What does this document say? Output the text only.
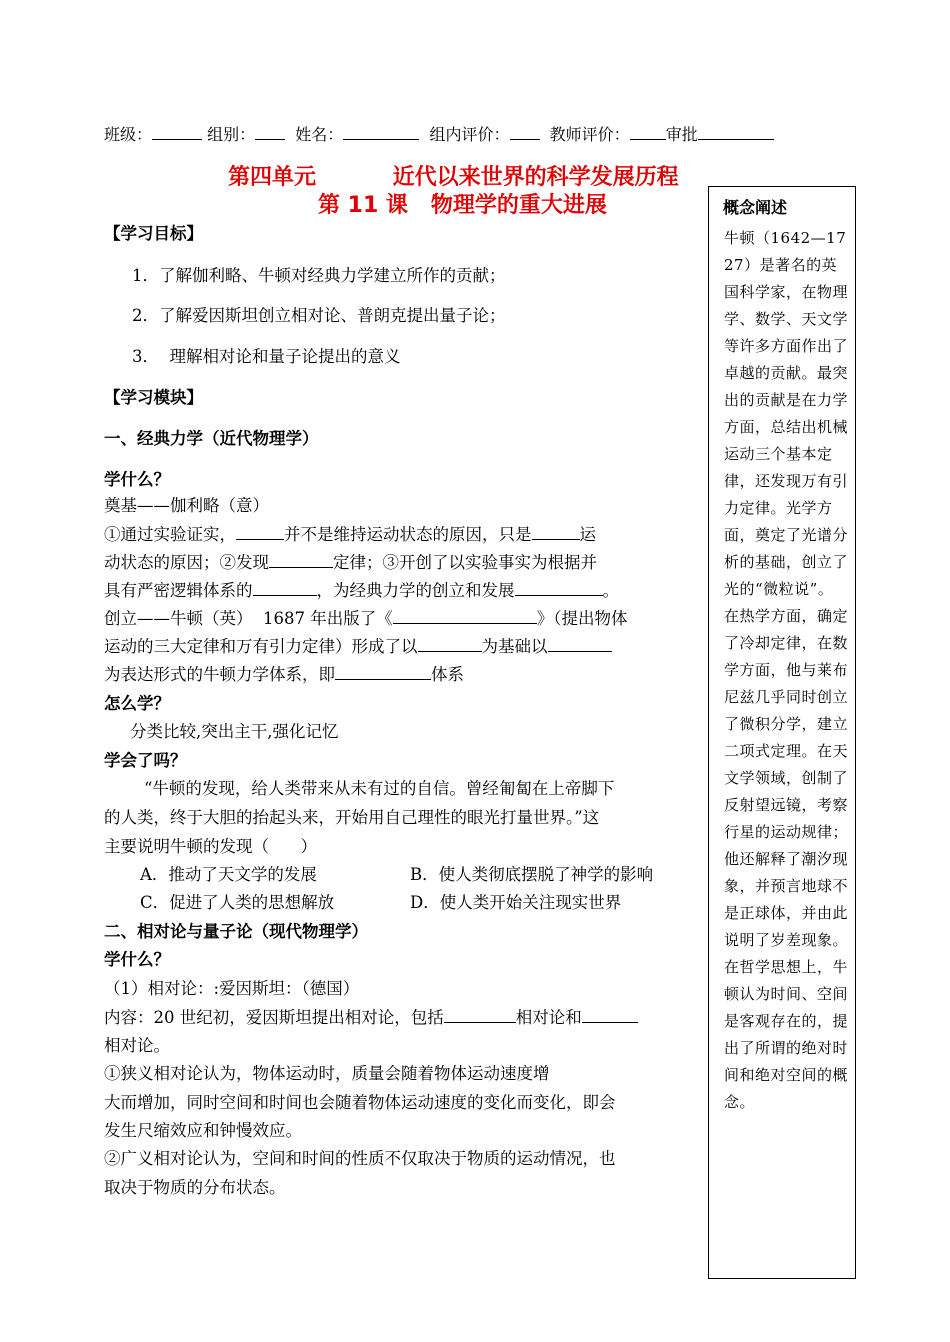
班级：	组别：	姓名：	组内评价：	教师评价： 审批
第四单元          近代以来世界的科学发展历程
第 11 课   物理学的重大进展
【学习目标】
1．了解伽利略、牛顿对经典力学建立所作的贡献；
2．了解爱因斯坦创立相对论、普朗克提出量子论；
3．  理解相对论和量子论提出的意义
【学习模块】
一、经典力学（近代物理学）
学什么？
奠基——伽利略（意）
①通过实验证实，	并不是维持运动状态的原因，只是	运
动状态的原因；②发现	定律；③开创了以实验事实为根据并
具有严密逻辑体系的	，为经典力学的创立和发展	。
创立——牛顿（英）  1687 年出版了《	》（提出物体
运动的三大定律和万有引力定律）形成了以	为基础以
为表达形式的牛顿力学体系，即	体系
怎么学？
分类比较,突出主干,强化记忆
学会了吗？
“牛顿的发现，给人类带来从未有过的自信。曾经匍匐在上帝脚下
的人类，终于大胆的抬起头来，开始用自己理性的眼光打量世界。”这
主要说明牛顿的发现（      ）
A．推动了天文学的发展	B．使人类彻底摆脱了神学的影响
C．促进了人类的思想解放	D．使人类开始关注现实世界
二、相对论与量子论（现代物理学）
学什么？
（1）相对论：:爱因斯坦：（德国）
内容：20 世纪初，爱因斯坦提出相对论，包括	相对论和
相对论。
①狭义相对论认为，物体运动时，质量会随着物体运动速度增
大而增加，同时空间和时间也会随着物体运动速度的变化而变化，即会
发生尺缩效应和钟慢效应。
②广义相对论认为，空间和时间的性质不仅取决于物质的运动情况，也
取决于物质的分布状态。
概念阐述
牛顿（1642—1727）是著名的英国科学家，在物理学、数学、天文学等许多方面作出了卓越的贡献。最突出的贡献是在力学方面，总结出机械运动三个基本定律，还发现万有引力定律。光学方面，奠定了光谱分析的基础，创立了光的“微粒说”。在热学方面，确定了冷却定律，在数学方面，他与莱布尼兹几乎同时创立了微积分学，建立二项式定理。在天文学领域，创制了反射望远镜，考察行星的运动规律；他还解释了潮汐现象，并预言地球不是正球体，并由此说明了岁差现象。在哲学思想上，牛顿认为时间、空间是客观存在的，提出了所谓的绝对时间和绝对空间的概念。
